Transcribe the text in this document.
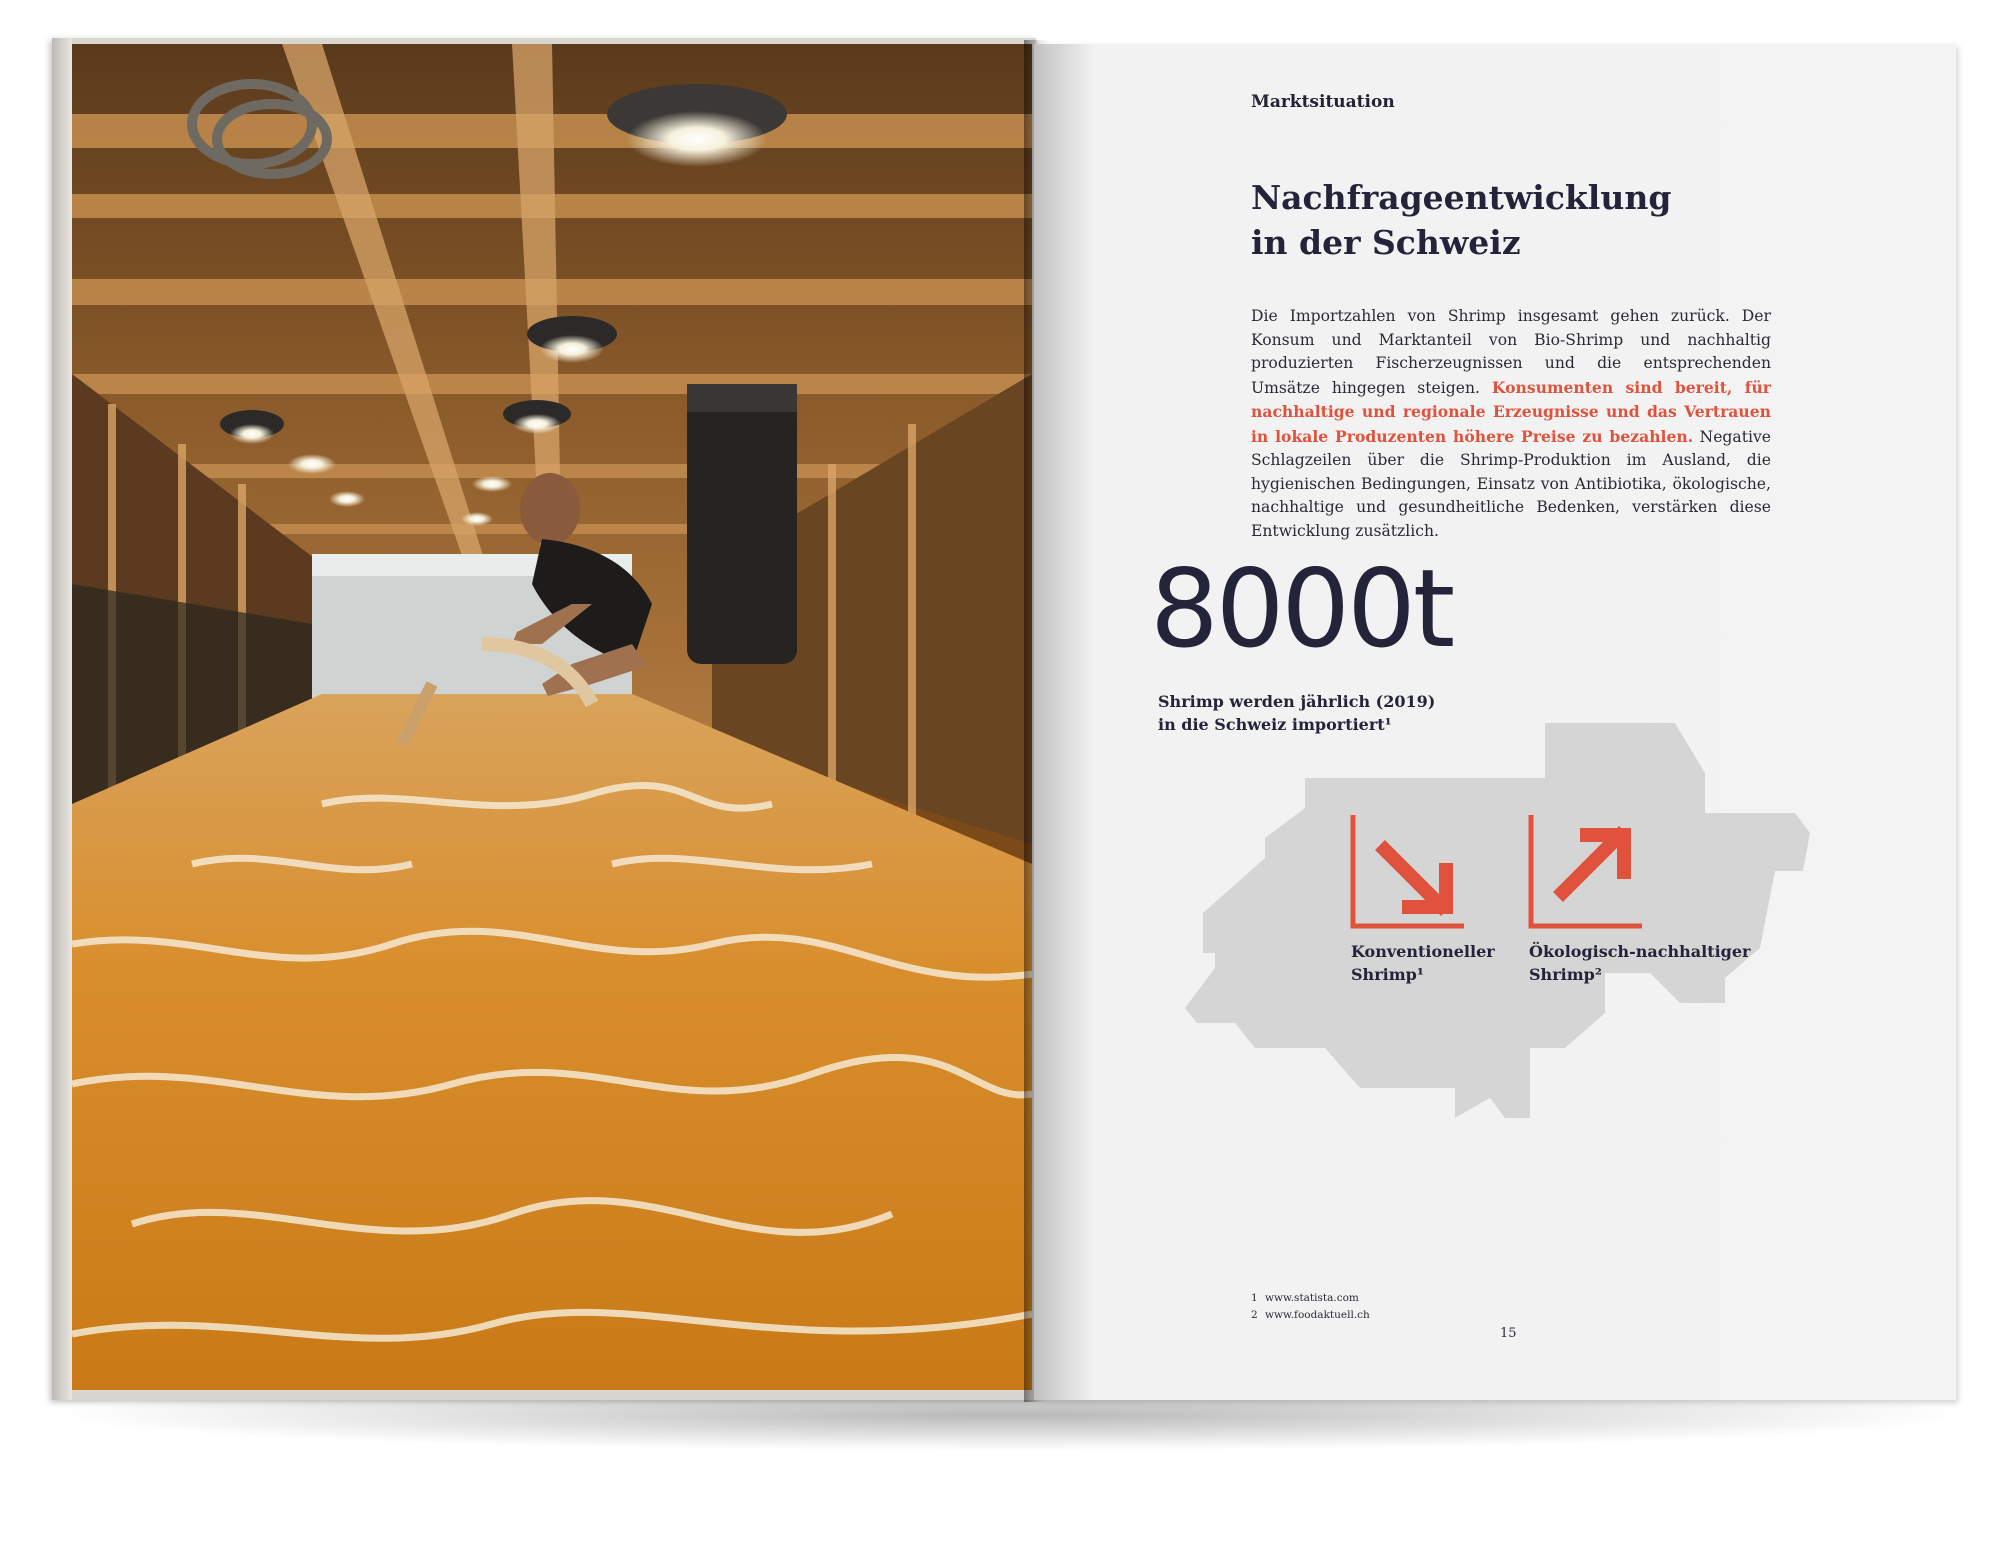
Marktsituation
Nachfrageentwicklung
in der Schweiz

Die Importzahlen von Shrimp insgesamt gehen zurück. Der Konsum und Marktanteil von Bio-Shrimp und nachhaltig produzierten Fischerzeugnissen und die entsprechenden Umsätze hingegen steigen. Konsumenten sind bereit, für nachhaltige und regionale Erzeugnisse und das Vertrauen in lokale Produzenten höhere Preise zu bezahlen. Negative Schlagzeilen über die Shrimp-Produktion im Ausland, die hygienischen Bedingungen, Einsatz von Antibiotika, ökologische, nachhaltige und gesundheitliche Bedenken, verstärken diese Entwicklung zusätzlich.

8000t
Shrimp werden jährlich (2019)
in die Schweiz importiert¹
Konventioneller
Shrimp¹
Ökologisch-nachhaltiger
Shrimp²
1 www.statista.com
2 www.foodaktuell.ch
15
